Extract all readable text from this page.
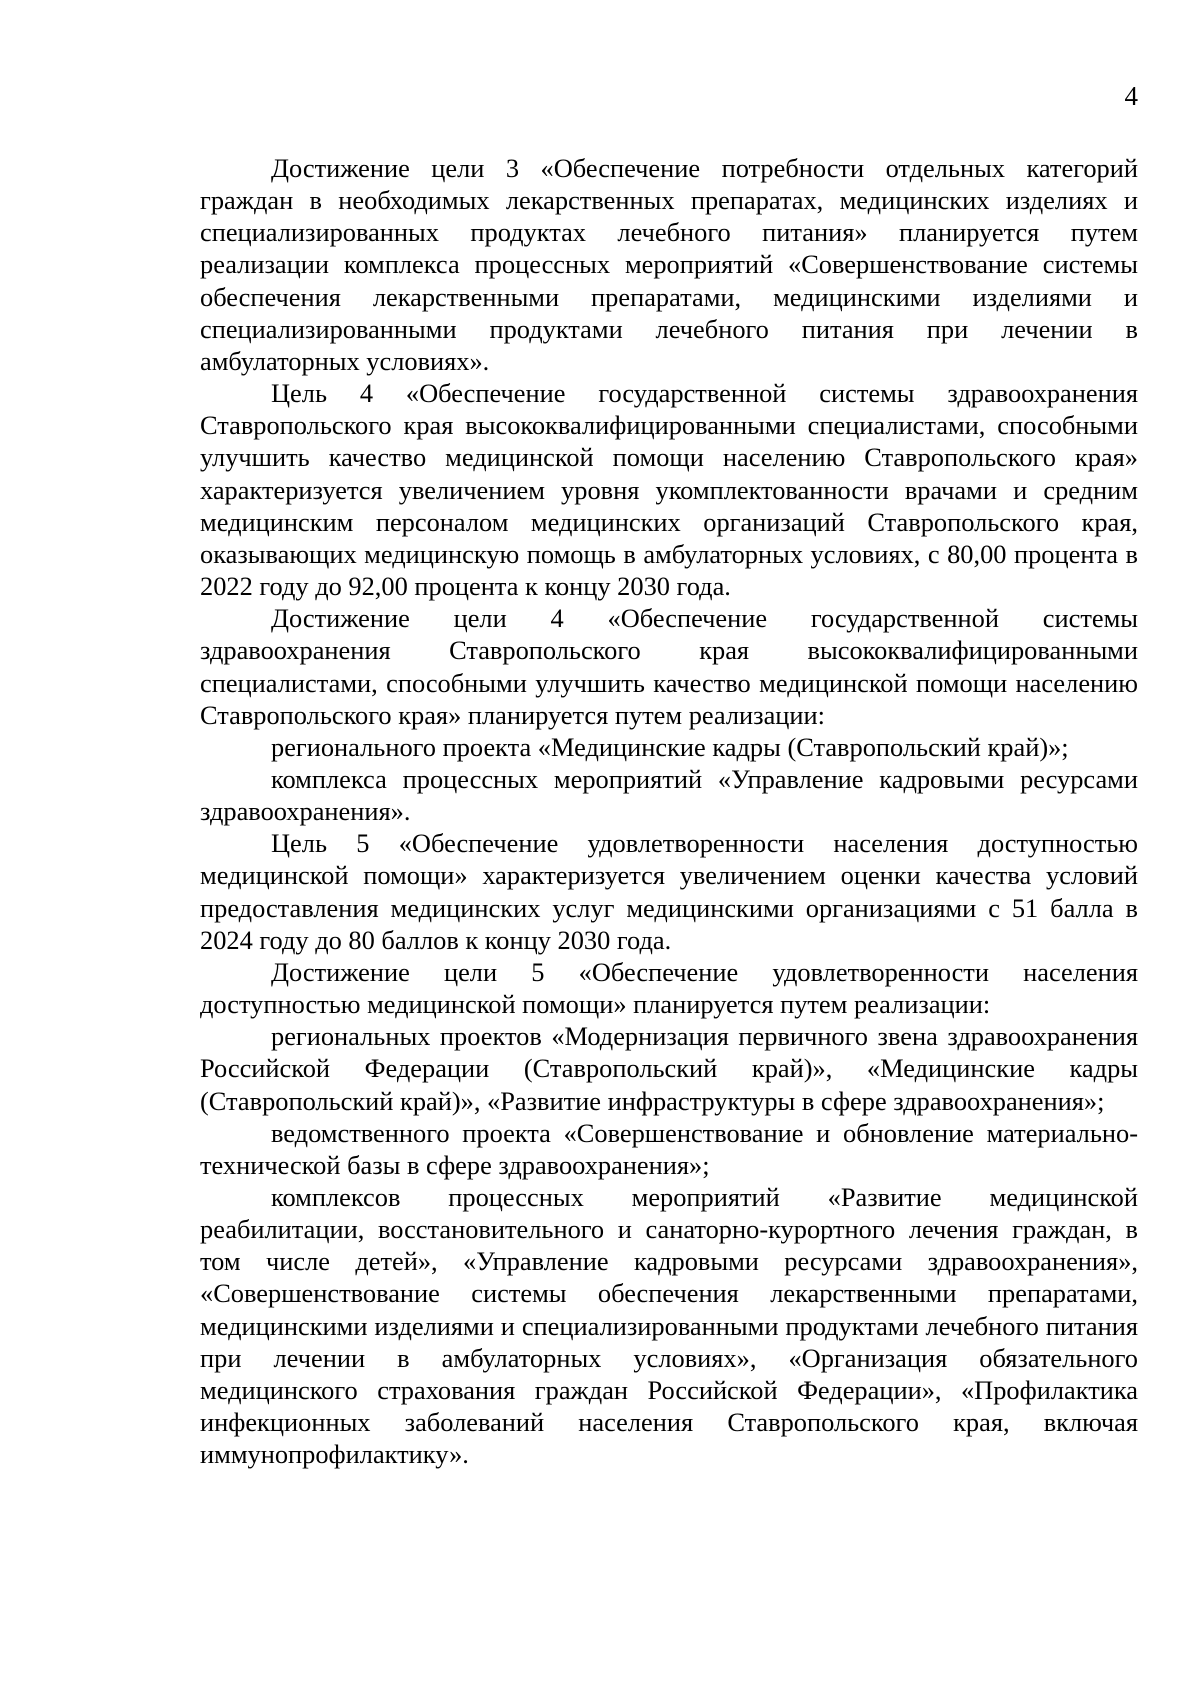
4

Достижение цели 3 «Обеспечение потребности отдельных категорий граждан в необходимых лекарственных препаратах, медицинских изделиях и специализированных продуктах лечебного питания» планируется путем реализации комплекса процессных мероприятий «Совершенствование системы обеспечения лекарственными препаратами, медицинскими изделиями и специализированными продуктами лечебного питания при лечении в амбулаторных условиях».

Цель 4 «Обеспечение государственной системы здравоохранения Ставропольского края высококвалифицированными специалистами, способными улучшить качество медицинской помощи населению Ставропольского края» характеризуется увеличением уровня укомплектованности врачами и средним медицинским персоналом медицинских организаций Ставропольского края, оказывающих медицинскую помощь в амбулаторных условиях, с 80,00 процента в 2022 году до 92,00 процента к концу 2030 года.

Достижение цели 4 «Обеспечение государственной системы здравоохранения Ставропольского края высококвалифицированными специалистами, способными улучшить качество медицинской помощи населению Ставропольского края» планируется путем реализации:

регионального проекта «Медицинские кадры (Ставропольский край)»;

комплекса процессных мероприятий «Управление кадровыми ресурсами здравоохранения».

Цель 5 «Обеспечение удовлетворенности населения доступностью медицинской помощи» характеризуется увеличением оценки качества условий предоставления медицинских услуг медицинскими организациями с 51 балла в 2024 году до 80 баллов к концу 2030 года.

Достижение цели 5 «Обеспечение удовлетворенности населения доступностью медицинской помощи» планируется путем реализации:

региональных проектов «Модернизация первичного звена здравоохранения Российской Федерации (Ставропольский край)», «Медицинские кадры (Ставропольский край)», «Развитие инфраструктуры в сфере здравоохранения»;

ведомственного проекта «Совершенствование и обновление материально-технической базы в сфере здравоохранения»;

комплексов процессных мероприятий «Развитие медицинской реабилитации, восстановительного и санаторно-курортного лечения граждан, в том числе детей», «Управление кадровыми ресурсами здравоохранения», «Совершенствование системы обеспечения лекарственными препаратами, медицинскими изделиями и специализированными продуктами лечебного питания при лечении в амбулаторных условиях», «Организация обязательного медицинского страхования граждан Российской Федерации», «Профилактика инфекционных заболеваний населения Ставропольского края, включая иммунопрофилактику».
